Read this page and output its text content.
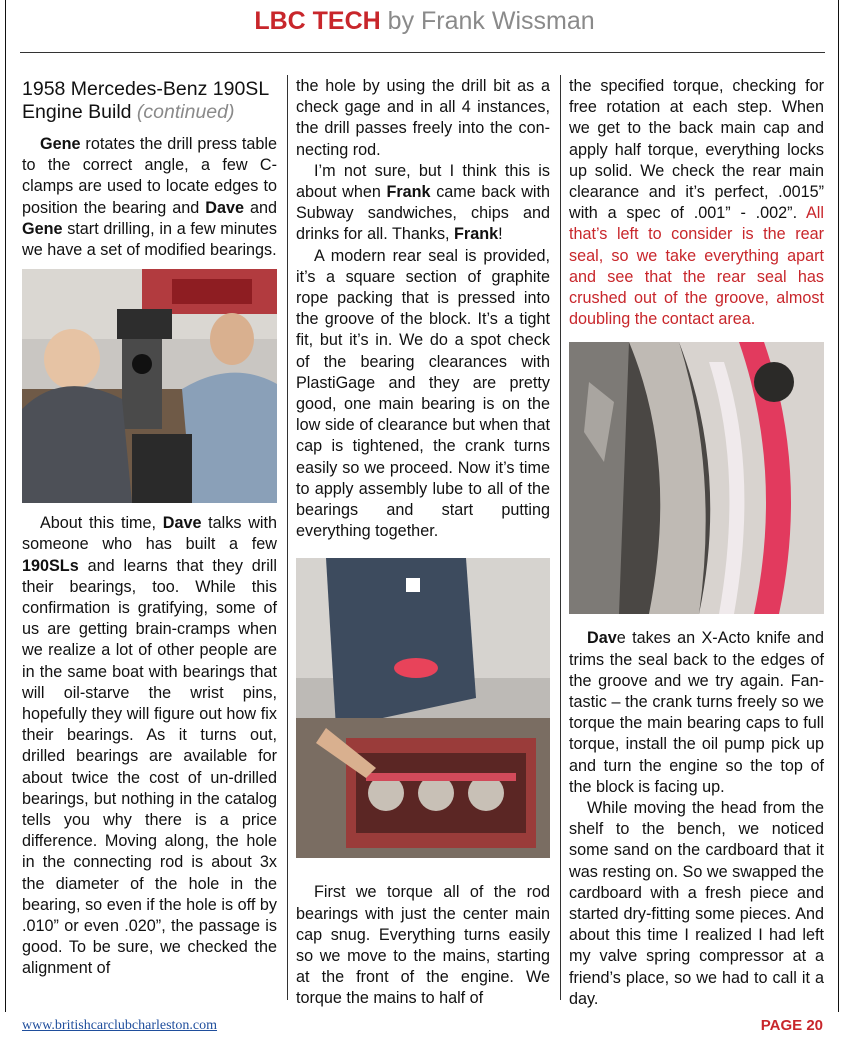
LBC TECH by Frank Wissman
1958 Mercedes-Benz 190SL Engine Build (continued)

Gene rotates the drill press table to the correct angle, a few C-clamps are used to locate edges to position the bearing and Dave and Gene start drilling, in a few minutes we have a set of modified bearings.

About this time, Dave talks with someone who has built a few 190SLs and learns that they drill their bearings, too. While this confirmation is gratifying, some of us are getting brain-cramps when we realize a lot of other people are in the same boat with bearings that will oil-starve the wrist pins, hopefully they will figure out how fix their bearings. As it turns out, drilled bearings are available for about twice the cost of un-drilled bearings, but nothing in the catalog tells you why there is a price difference. Moving along, the hole in the connecting rod is about 3x the diameter of the hole in the bearing, so even if the hole is off by .010” or even .020”, the passage is good. To be sure, we checked the alignment of

the hole by using the drill bit as a check gage and in all 4 instances, the drill passes freely into the connecting rod.

I’m not sure, but I think this is about when Frank came back with Subway sandwiches, chips and drinks for all. Thanks, Frank!

A modern rear seal is provided, it’s a square section of graphite rope packing that is pressed into the groove of the block. It’s a tight fit, but it’s in. We do a spot check of the bearing clearances with PlastiGage and they are pretty good, one main bearing is on the low side of clearance but when that cap is tightened, the crank turns easily so we proceed. Now it’s time to apply assembly lube to all of the bearings and start putting everything together.

First we torque all of the rod bearings with just the center main cap snug. Everything turns easily so we move to the mains, starting at the front of the engine. We torque the mains to half of

the specified torque, checking for free rotation at each step. When we get to the back main cap and apply half torque, everything locks up solid. We check the rear main clearance and it’s perfect, .0015” with a spec of .001” - .002”. All that’s left to consider is the rear seal, so we take everything apart and see that the rear seal has crushed out of the groove, almost doubling the contact area.

Dave takes an X-Acto knife and trims the seal back to the edges of the groove and we try again. Fantastic – the crank turns freely so we torque the main bearing caps to full torque, install the oil pump pick up and turn the engine so the top of the block is facing up.

While moving the head from the shelf to the bench, we noticed some sand on the cardboard that it was resting on. So we swapped the cardboard with a fresh piece and started dry-fitting some pieces. And about this time I realized I had left my valve spring compressor at a friend’s place, so we had to call it a day.

www.britishcarclubcharleston.com	PAGE 20
